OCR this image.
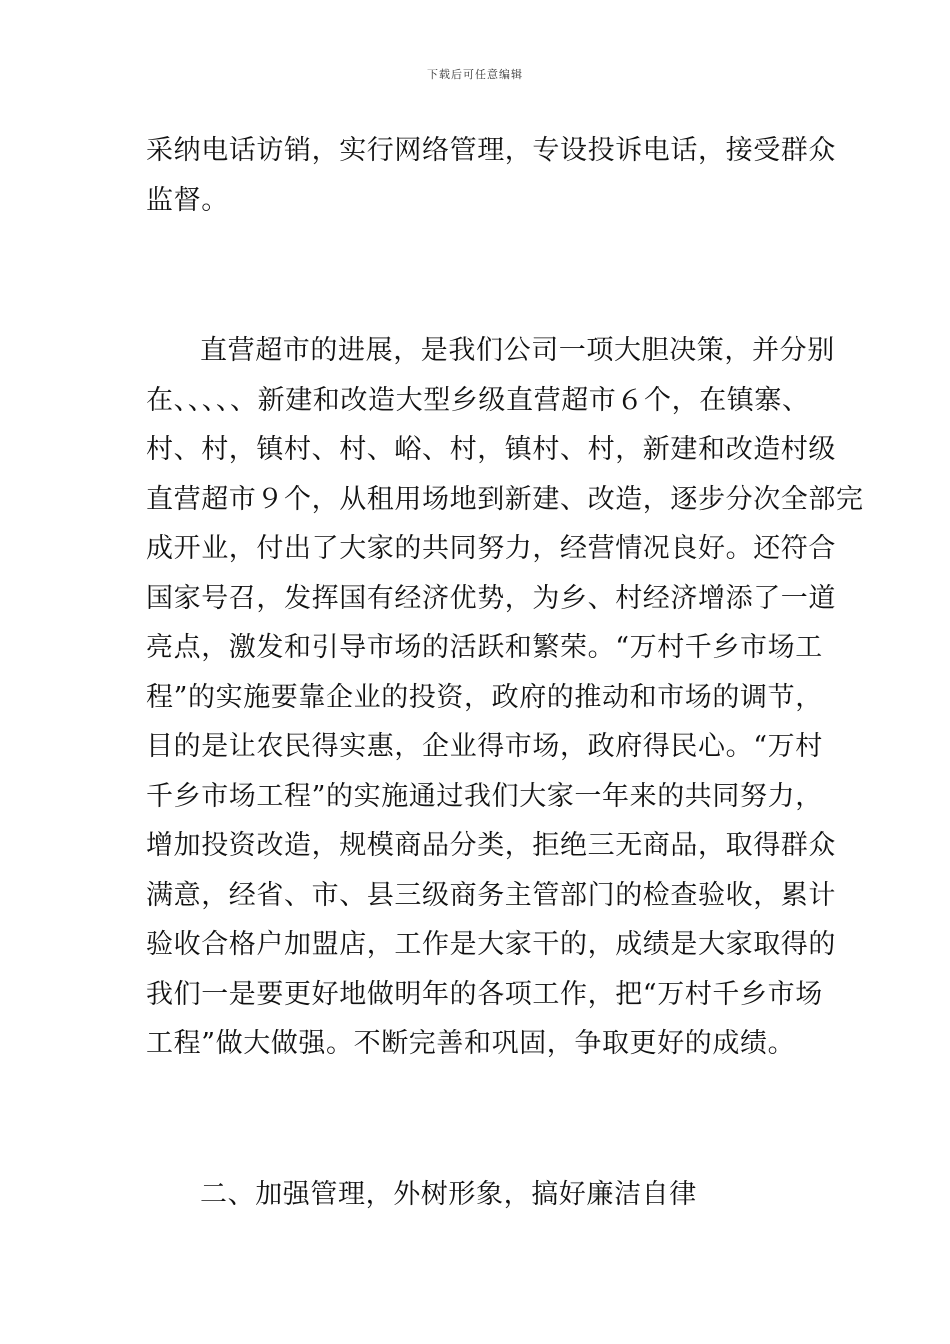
下载后可任意编辑
采纳电话访销，实行网络管理，专设投诉电话，接受群众
监督。
直营超市的进展，是我们公司一项大胆决策，并分别
在、、、、、新建和改造大型乡级直营超市６个，在镇寨、
村、村，镇村、村、峪、村，镇村、村，新建和改造村级
直营超市９个，从租用场地到新建、改造，逐步分次全部完
成开业，付出了大家的共同努力，经营情况良好。还符合
国家号召，发挥国有经济优势，为乡、村经济增添了一道
亮点，激发和引导市场的活跃和繁荣。“万村千乡市场工
程”的实施要靠企业的投资，政府的推动和市场的调节，
目的是让农民得实惠，企业得市场，政府得民心。“万村
千乡市场工程”的实施通过我们大家一年来的共同努力，
增加投资改造，规模商品分类，拒绝三无商品，取得群众
满意，经省、市、县三级商务主管部门的检查验收，累计
验收合格户加盟店，工作是大家干的，成绩是大家取得的
我们一是要更好地做明年的各项工作，把“万村千乡市场
工程”做大做强。不断完善和巩固，争取更好的成绩。
二、加强管理，外树形象，搞好廉洁自律
